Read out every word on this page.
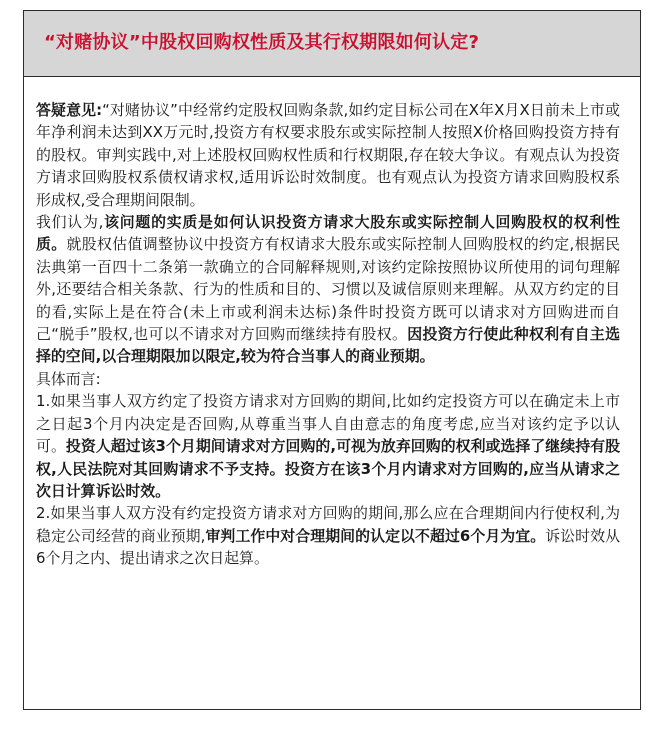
“对赌协议”中股权回购权性质及其行权期限如何认定?

答疑意见:“对赌协议”中经常约定股权回购条款,如约定目标公司在X年X月X日前未上市或年净利润未达到XX万元时,投资方有权要求股东或实际控制人按照X价格回购投资方持有的股权。审判实践中,对上述股权回购权性质和行权期限,存在较大争议。有观点认为投资方请求回购股权系债权请求权,适用诉讼时效制度。也有观点认为投资方请求回购股权系形成权,受合理期间限制。

我们认为,该问题的实质是如何认识投资方请求大股东或实际控制人回购股权的权利性质。就股权估值调整协议中投资方有权请求大股东或实际控制人回购股权的约定,根据民法典第一百四十二条第一款确立的合同解释规则,对该约定除按照协议所使用的词句理解外,还要结合相关条款、行为的性质和目的、习惯以及诚信原则来理解。从双方约定的目的看,实际上是在符合(未上市或利润未达标)条件时投资方既可以请求对方回购进而自己“脱手”股权,也可以不请求对方回购而继续持有股权。因投资方行使此种权利有自主选择的空间,以合理期限加以限定,较为符合当事人的商业预期。

具体而言:

1.如果当事人双方约定了投资方请求对方回购的期间,比如约定投资方可以在确定未上市之日起3个月内决定是否回购,从尊重当事人自由意志的角度考虑,应当对该约定予以认可。投资人超过该3个月期间请求对方回购的,可视为放弃回购的权利或选择了继续持有股权,人民法院对其回购请求不予支持。投资方在该3个月内请求对方回购的,应当从请求之次日计算诉讼时效。

2.如果当事人双方没有约定投资方请求对方回购的期间,那么应在合理期间内行使权利,为稳定公司经营的商业预期,审判工作中对合理期间的认定以不超过6个月为宜。诉讼时效从6个月之内、提出请求之次日起算。
